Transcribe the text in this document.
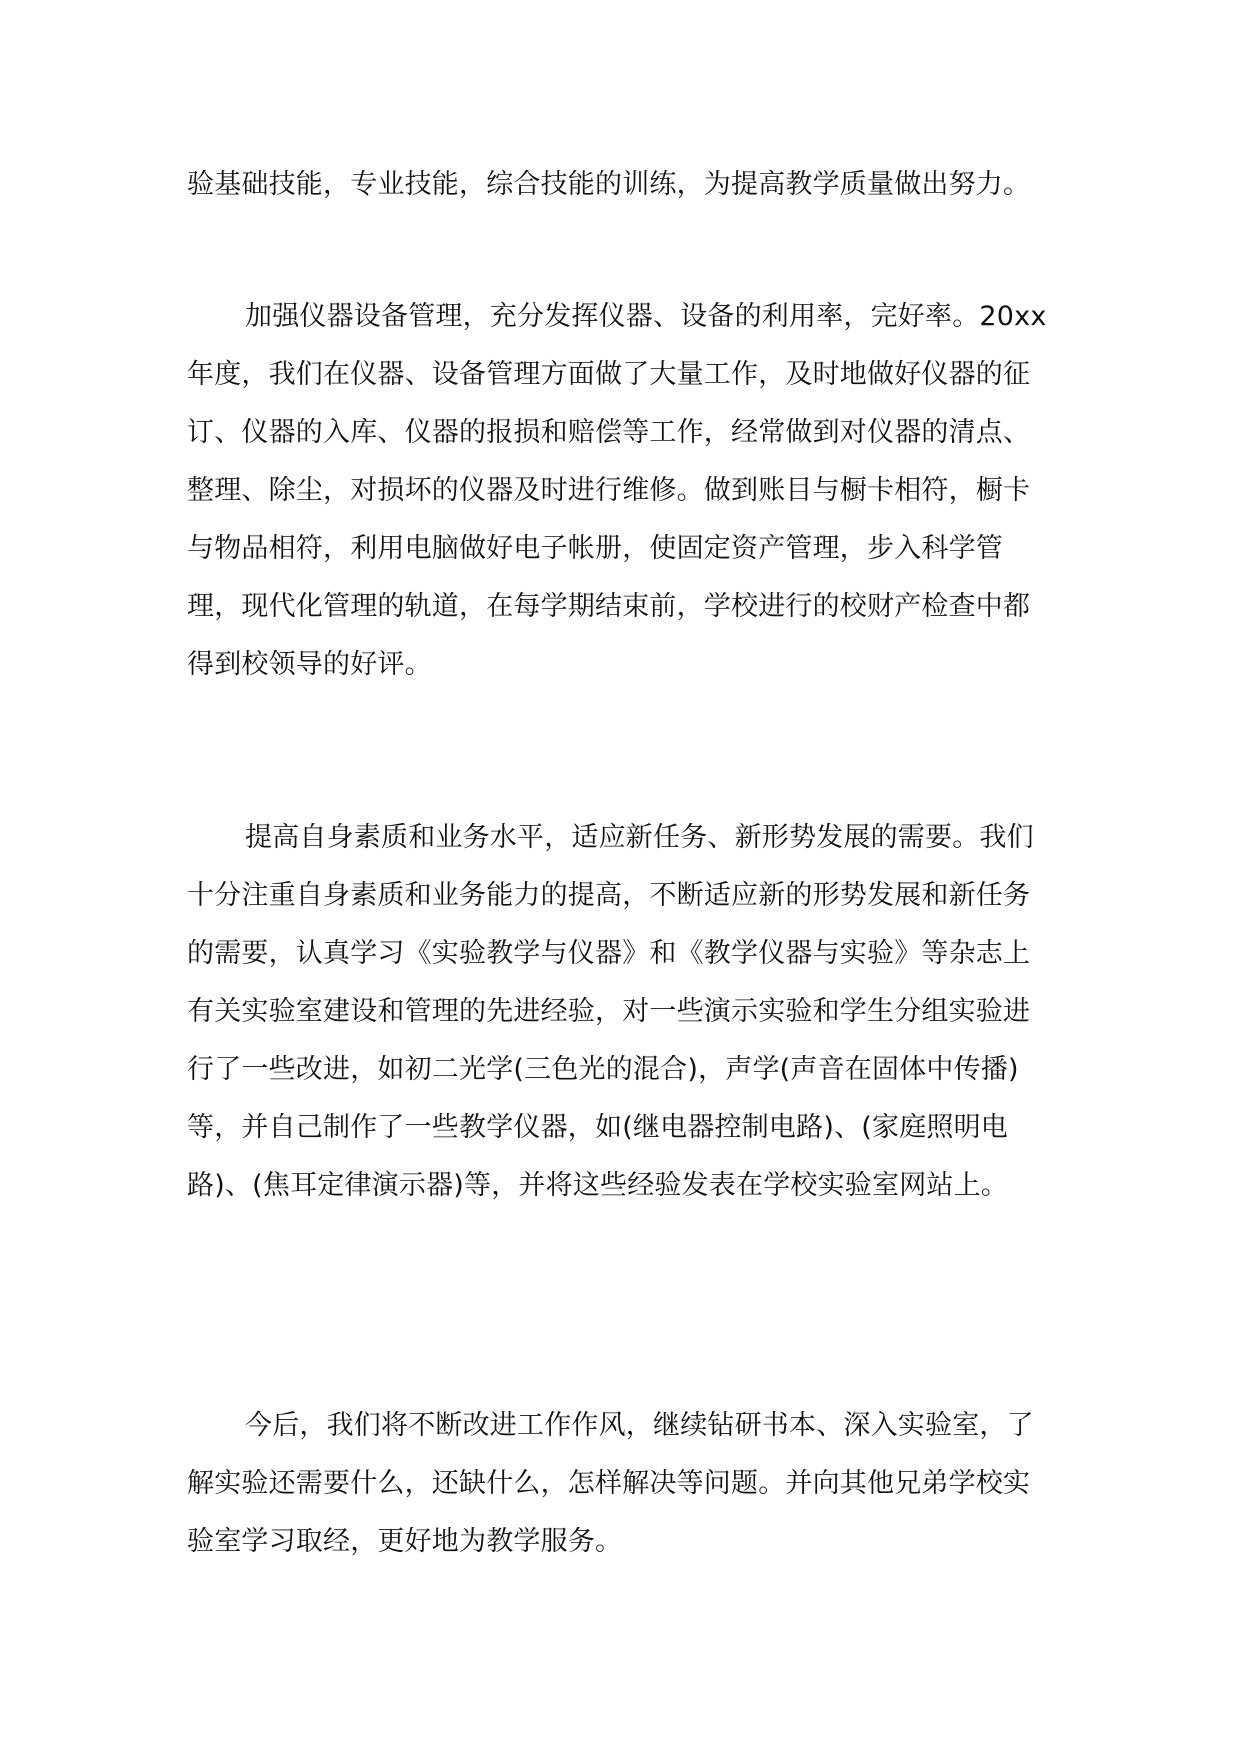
验基础技能，专业技能，综合技能的训练，为提高教学质量做出努力。

加强仪器设备管理，充分发挥仪器、设备的利用率，完好率。20xx年度，我们在仪器、设备管理方面做了大量工作，及时地做好仪器的征订、仪器的入库、仪器的报损和赔偿等工作，经常做到对仪器的清点、整理、除尘，对损坏的仪器及时进行维修。做到账目与橱卡相符，橱卡与物品相符，利用电脑做好电子帐册，使固定资产管理，步入科学管理，现代化管理的轨道，在每学期结束前，学校进行的校财产检查中都得到校领导的好评。

提高自身素质和业务水平，适应新任务、新形势发展的需要。我们十分注重自身素质和业务能力的提高，不断适应新的形势发展和新任务的需要，认真学习《实验教学与仪器》和《教学仪器与实验》等杂志上有关实验室建设和管理的先进经验，对一些演示实验和学生分组实验进行了一些改进，如初二光学(三色光的混合)，声学(声音在固体中传播)等，并自己制作了一些教学仪器，如(继电器控制电路)、(家庭照明电路)、(焦耳定律演示器)等，并将这些经验发表在学校实验室网站上。

今后，我们将不断改进工作作风，继续钻研书本、深入实验室，了解实验还需要什么，还缺什么，怎样解决等问题。并向其他兄弟学校实验室学习取经，更好地为教学服务。
